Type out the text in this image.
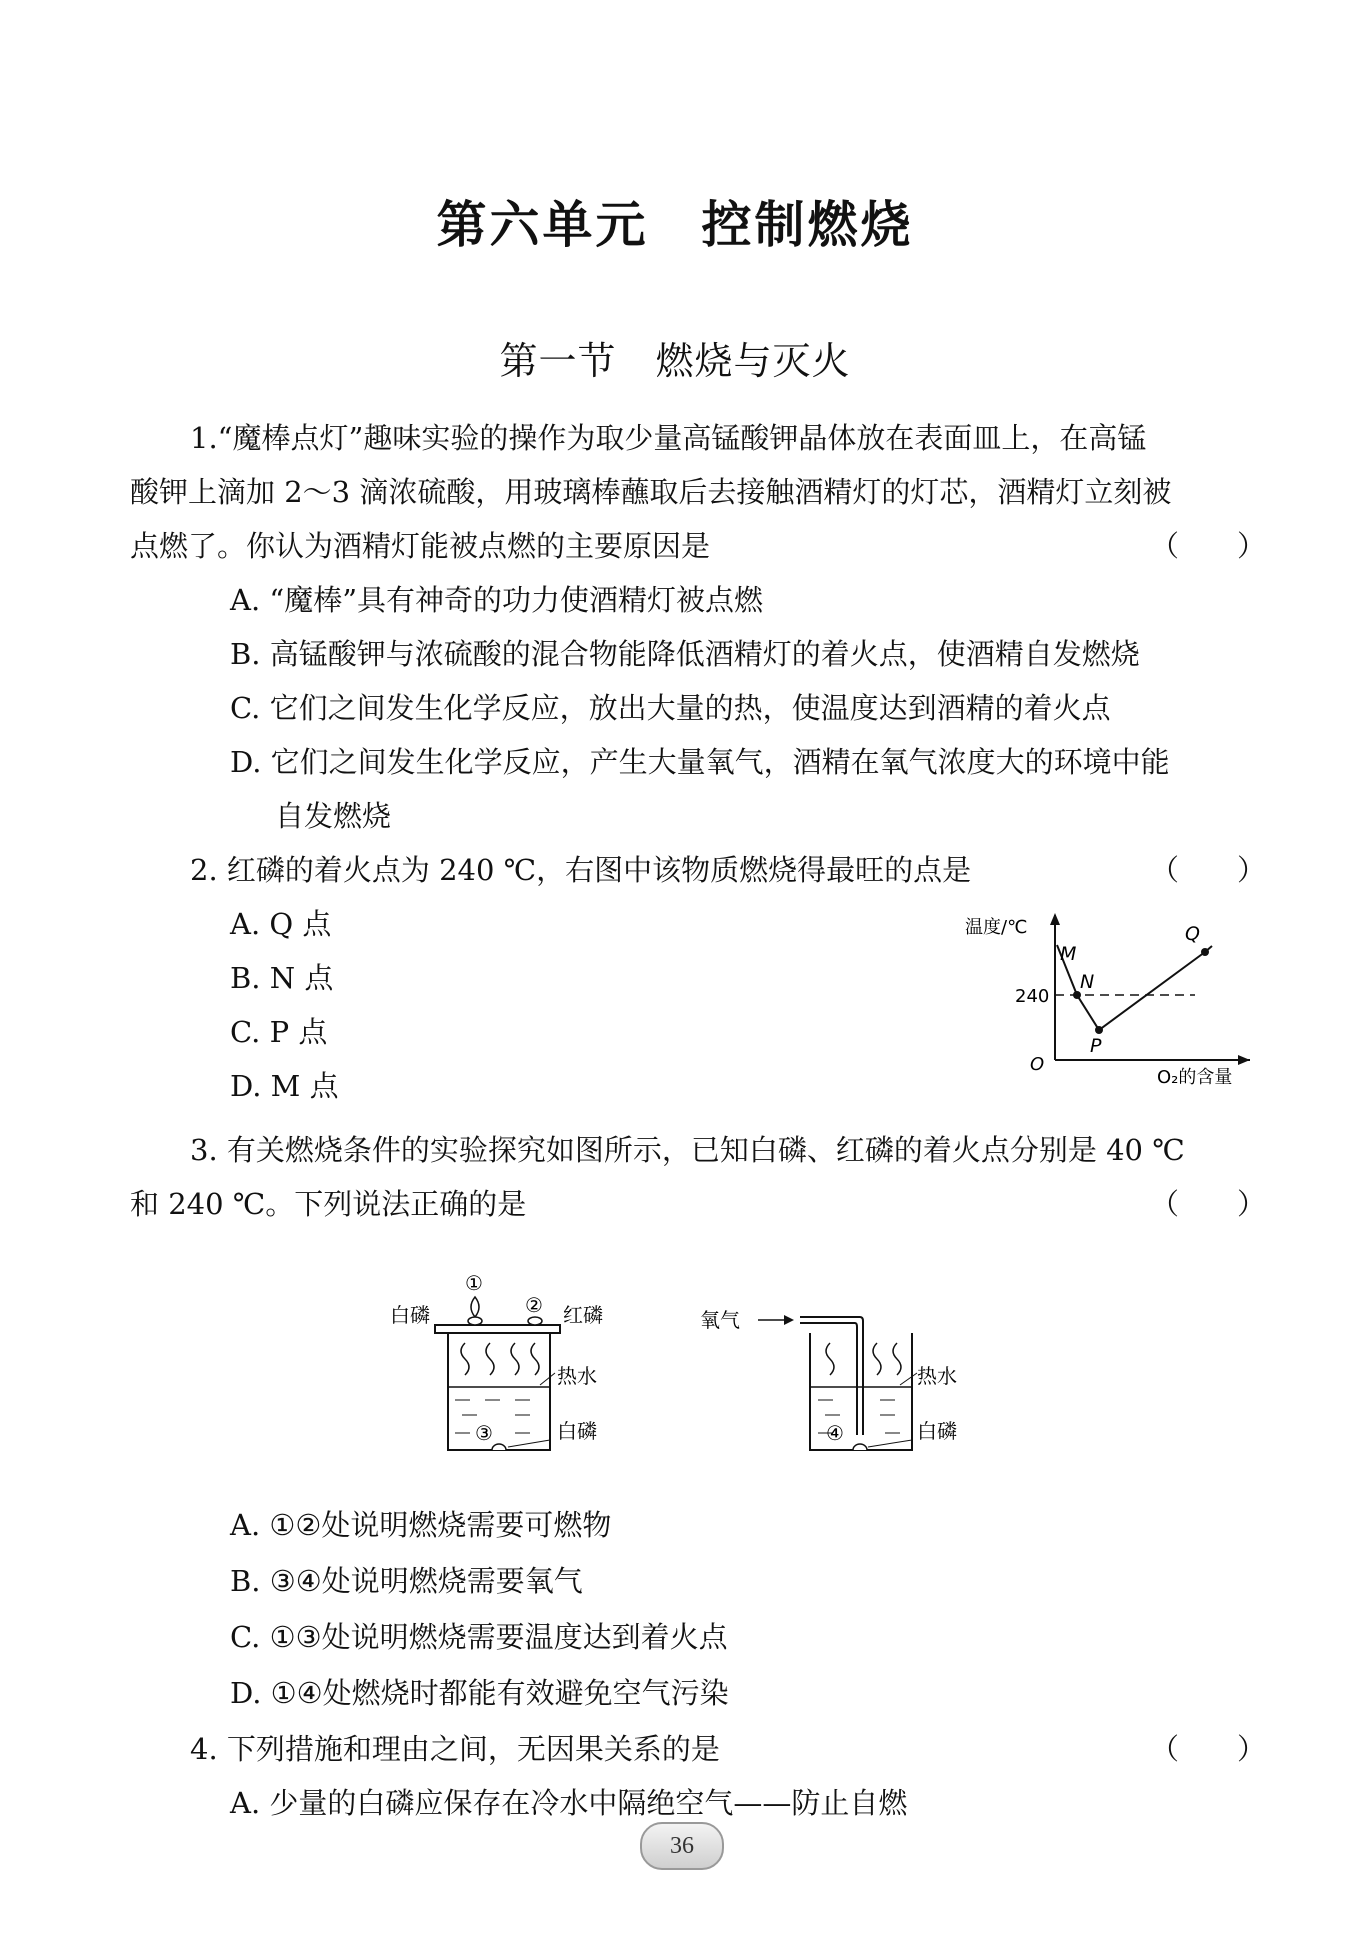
第六单元　控制燃烧
第一节　燃烧与灭火
1.“魔棒点灯”趣味实验的操作为取少量高锰酸钾晶体放在表面皿上，在高锰
酸钾上滴加 2～3 滴浓硫酸，用玻璃棒蘸取后去接触酒精灯的灯芯，酒精灯立刻被
点燃了。你认为酒精灯能被点燃的主要原因是	（　　）
A. “魔棒”具有神奇的功力使酒精灯被点燃
B. 高锰酸钾与浓硫酸的混合物能降低酒精灯的着火点，使酒精自发燃烧
C. 它们之间发生化学反应，放出大量的热，使温度达到酒精的着火点
D. 它们之间发生化学反应，产生大量氧气，酒精在氧气浓度大的环境中能
自发燃烧
2. 红磷的着火点为 240 ℃，右图中该物质燃烧得最旺的点是	（　　）
A. Q 点
B. N 点
C. P 点
D. M 点
温度/℃
240
O
O₂的含量
M
N
P
Q
3. 有关燃烧条件的实验探究如图所示，已知白磷、红磷的着火点分别是 40 ℃
和 240 ℃。下列说法正确的是	（　　）
白磷
①
② 红磷
热水
③	白磷
氧气
热水
④	白磷
A. ①②处说明燃烧需要可燃物
B. ③④处说明燃烧需要氧气
C. ①③处说明燃烧需要温度达到着火点
D. ①④处燃烧时都能有效避免空气污染
4. 下列措施和理由之间，无因果关系的是	（　　）
A. 少量的白磷应保存在冷水中隔绝空气——防止自燃
36
